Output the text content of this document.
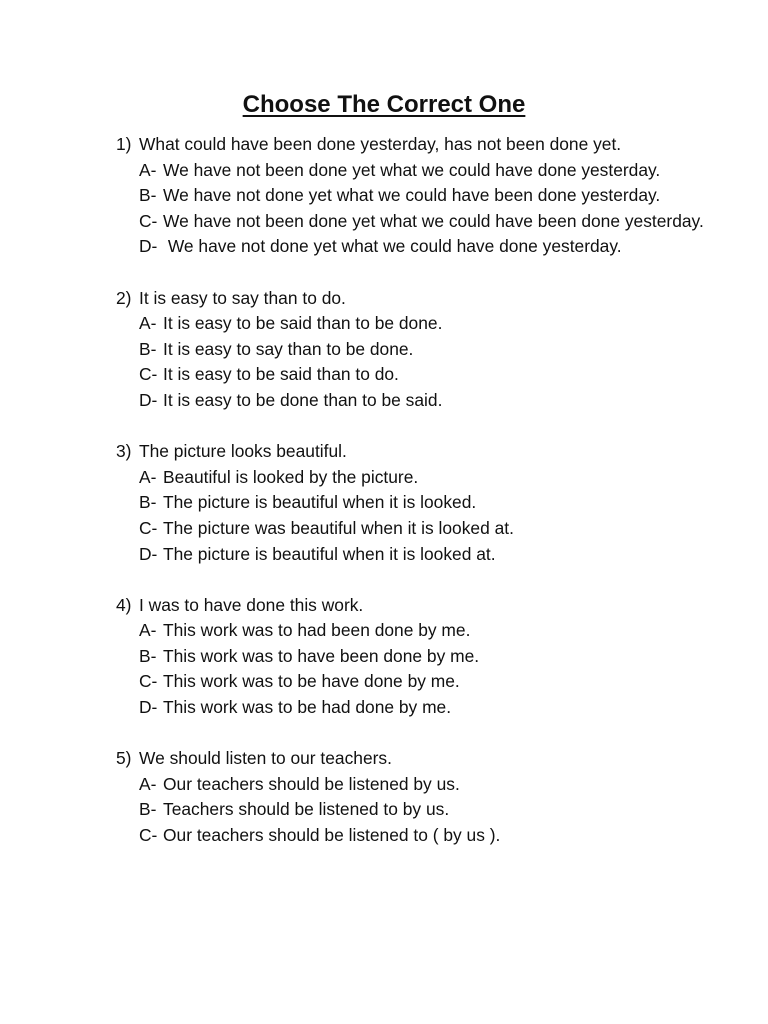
Choose The Correct One
1) What could have been done yesterday, has not been done yet.
A- We have not been done yet what we could have done yesterday.
B- We have not done yet what we could have been done yesterday.
C- We have not been done yet what we could have been done yesterday.
D- We have not done yet what we could have done yesterday.
2) It is easy to say than to do.
A- It is easy to be said than to be done.
B- It is easy to say than to be done.
C- It is easy to be said than to do.
D- It is easy to be done than to be said.
3) The picture looks beautiful.
A- Beautiful is looked by the picture.
B- The picture is beautiful when it is looked.
C- The picture was beautiful when it is looked at.
D- The picture is beautiful when it is looked at.
4) I was to have done this work.
A- This work was to had been done by me.
B- This work was to have been done by me.
C- This work was to be have done by me.
D- This work was to be had done by me.
5) We should listen to our teachers.
A- Our teachers should be listened by us.
B- Teachers should be listened to by us.
C- Our teachers should be listened to ( by us ).
